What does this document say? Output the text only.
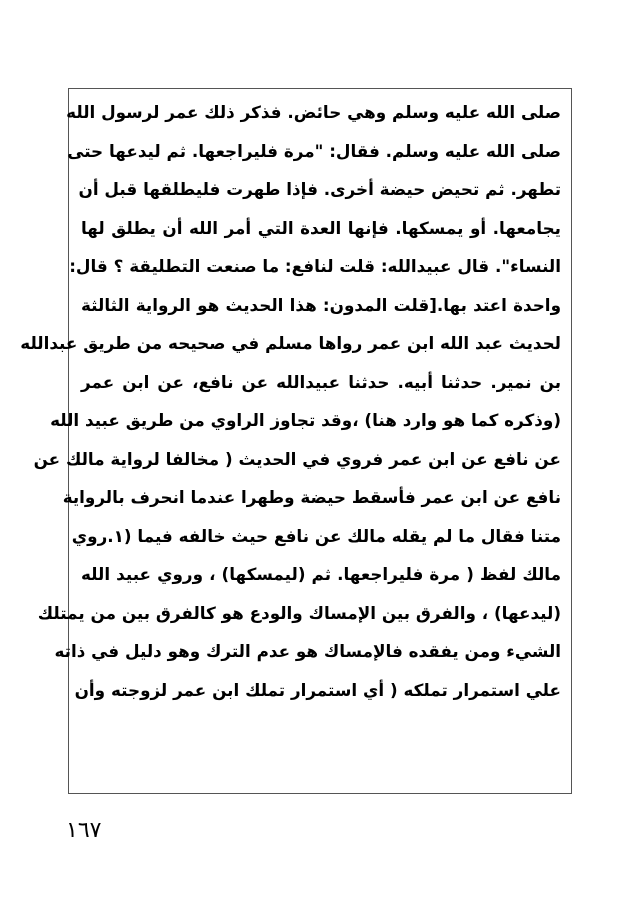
صلى الله عليه وسلم وهي حائض. فذكر ذلك عمر لرسول الله
صلى الله عليه وسلم. فقال: "مرة فليراجعها. ثم ليدعها حتى
تطهر. ثم تحيض حيضة أخرى. فإذا طهرت فليطلقها قبل أن
يجامعها. أو يمسكها. فإنها العدة التي أمر الله أن يطلق لها
النساء". قال عبيدالله: قلت لنافع: ما صنعت التطليقة ؟ قال:
واحدة اعتد بها.[قلت المدون: هذا الحديث هو الرواية الثالثة
لحديث عبد الله ابن عمر رواها مسلم في صحيحه من طريق عبدالله
بن نمير. حدثنا أبيه. حدثنا عبيدالله عن نافع، عن ابن عمر
(وذكره كما هو وارد هنا) ،وقد تجاوز الراوي من طريق عبيد الله
عن نافع عن ابن عمر فروي في الحديث ( مخالفا لرواية مالك عن
نافع عن ابن عمر فأسقط حيضة وطهرا عندما انحرف بالرواية
متنا فقال ما لم يقله مالك عن نافع حيث خالفه فيما (١.روي
مالك لفظ ( مرة فليراجعها. ثم (ليمسكها) ، وروي عبيد الله
(ليدعها) ، والفرق بين الإمساك والودع هو كالفرق بين من يمتلك
الشيء ومن يفقده فالإمساك هو عدم الترك وهو دليل في ذاته
علي استمرار تملكه ( أي استمرار تملك ابن عمر لزوجته وأن
١٦٧
